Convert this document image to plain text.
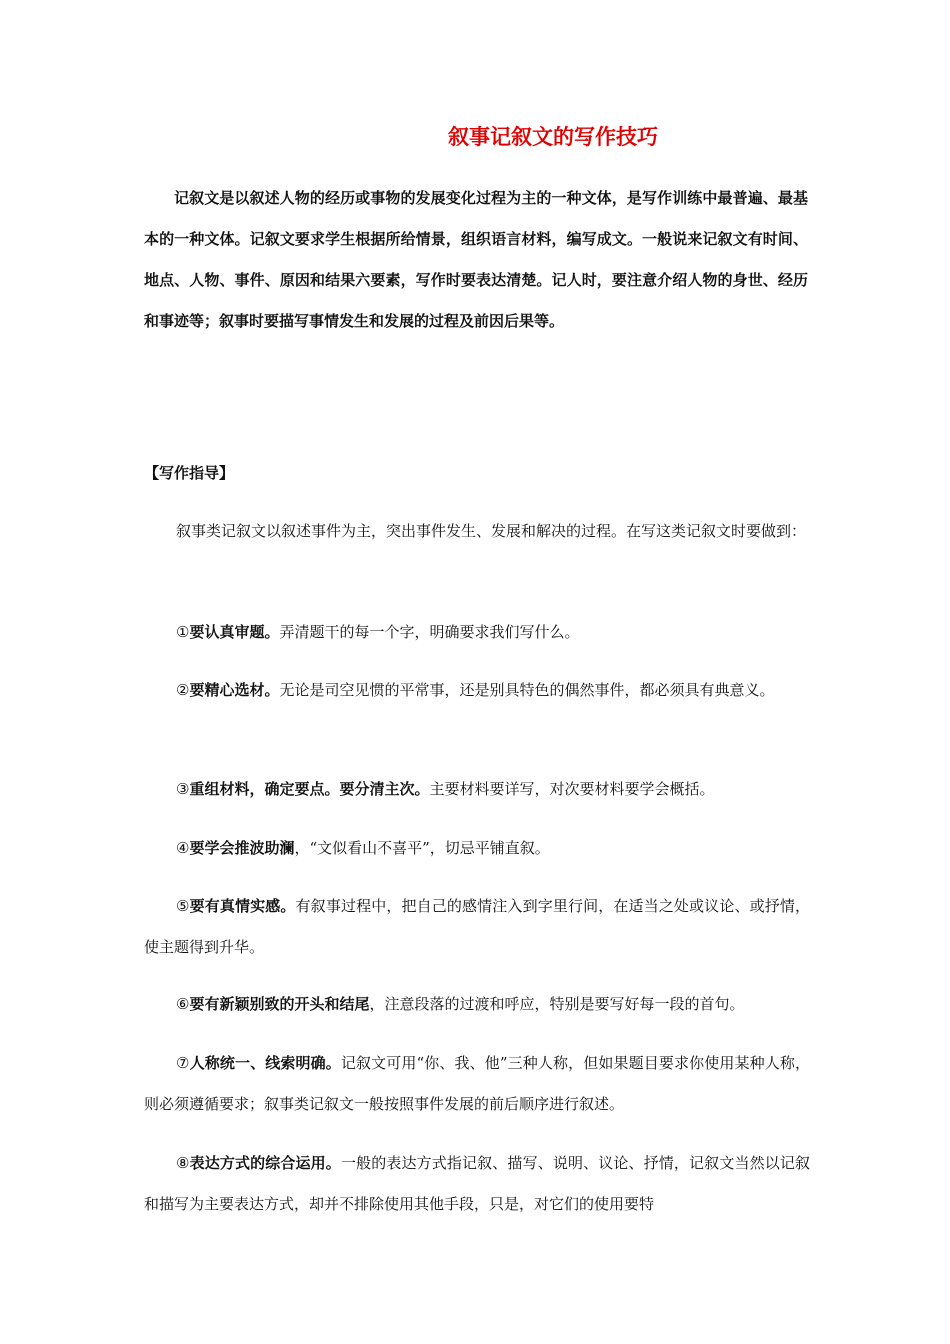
叙事记叙文的写作技巧

记叙文是以叙述人物的经历或事物的发展变化过程为主的一种文体，是写作训练中最普遍、最基本的一种文体。记叙文要求学生根据所给情景，组织语言材料，编写成文。一般说来记叙文有时间、地点、人物、事件、原因和结果六要素，写作时要表达清楚。记人时，要注意介绍人物的身世、经历和事迹等；叙事时要描写事情发生和发展的过程及前因后果等。

【写作指导】

叙事类记叙文以叙述事件为主，突出事件发生、发展和解决的过程。在写这类记叙文时要做到：

①要认真审题。弄清题干的每一个字，明确要求我们写什么。

②要精心选材。无论是司空见惯的平常事，还是别具特色的偶然事件，都必须具有典意义。

③重组材料，确定要点。要分清主次。主要材料要详写，对次要材料要学会概括。

④要学会推波助澜，“文似看山不喜平”，切忌平铺直叙。

⑤要有真情实感。有叙事过程中，把自己的感情注入到字里行间，在适当之处或议论、或抒情，使主题得到升华。

⑥要有新颖别致的开头和结尾，注意段落的过渡和呼应，特别是要写好每一段的首句。

⑦人称统一、线索明确。记叙文可用“你、我、他”三种人称，但如果题目要求你使用某种人称，则必须遵循要求；叙事类记叙文一般按照事件发展的前后顺序进行叙述。

⑧表达方式的综合运用。一般的表达方式指记叙、描写、说明、议论、抒情，记叙文当然以记叙和描写为主要表达方式，却并不排除使用其他手段，只是，对它们的使用要特
